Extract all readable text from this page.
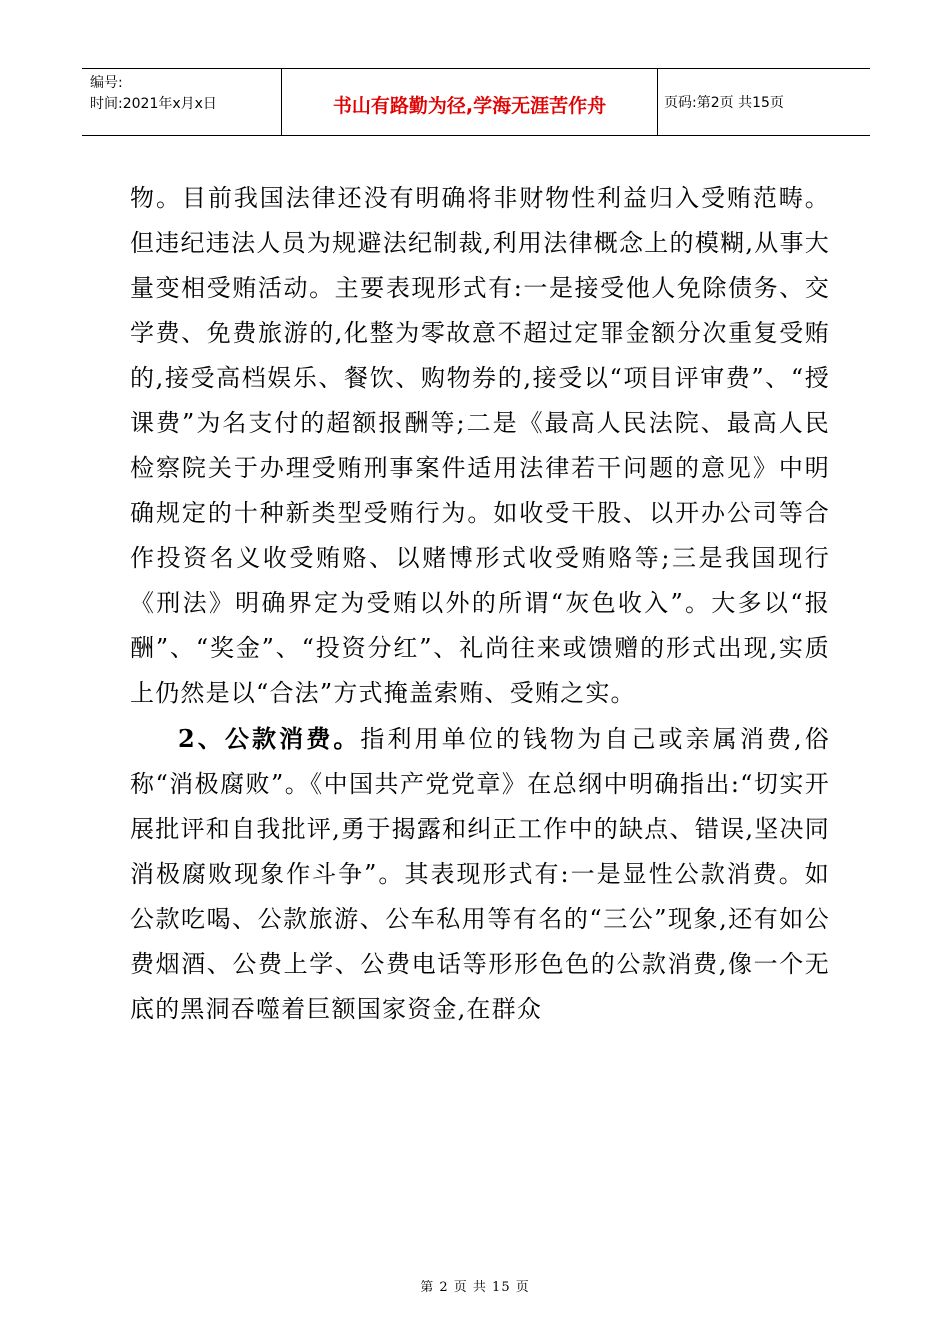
编号:
时间:2021年x月x日	书山有路勤为径,学海无涯苦作舟	页码:第2页 共15页

物。目前我国法律还没有明确将非财物性利益归入受贿范畴。但违纪违法人员为规避法纪制裁,利用法律概念上的模糊,从事大量变相受贿活动。主要表现形式有:一是接受他人免除债务、交学费、免费旅游的,化整为零故意不超过定罪金额分次重复受贿的,接受高档娱乐、餐饮、购物券的,接受以“项目评审费”、“授课费”为名支付的超额报酬等;二是《最高人民法院、最高人民检察院关于办理受贿刑事案件适用法律若干问题的意见》中明确规定的十种新类型受贿行为。如收受干股、以开办公司等合作投资名义收受贿赂、以赌博形式收受贿赂等;三是我国现行《刑法》明确界定为受贿以外的所谓“灰色收入”。大多以“报酬”、“奖金”、“投资分红”、礼尚往来或馈赠的形式出现,实质上仍然是以“合法”方式掩盖索贿、受贿之实。

2、公款消费。指利用单位的钱物为自己或亲属消费,俗称“消极腐败”。《中国共产党党章》在总纲中明确指出:“切实开展批评和自我批评,勇于揭露和纠正工作中的缺点、错误,坚决同消极腐败现象作斗争”。其表现形式有:一是显性公款消费。如公款吃喝、公款旅游、公车私用等有名的“三公”现象,还有如公费烟酒、公费上学、公费电话等形形色色的公款消费,像一个无底的黑洞吞噬着巨额国家资金,在群众

第 2 页 共 15 页
